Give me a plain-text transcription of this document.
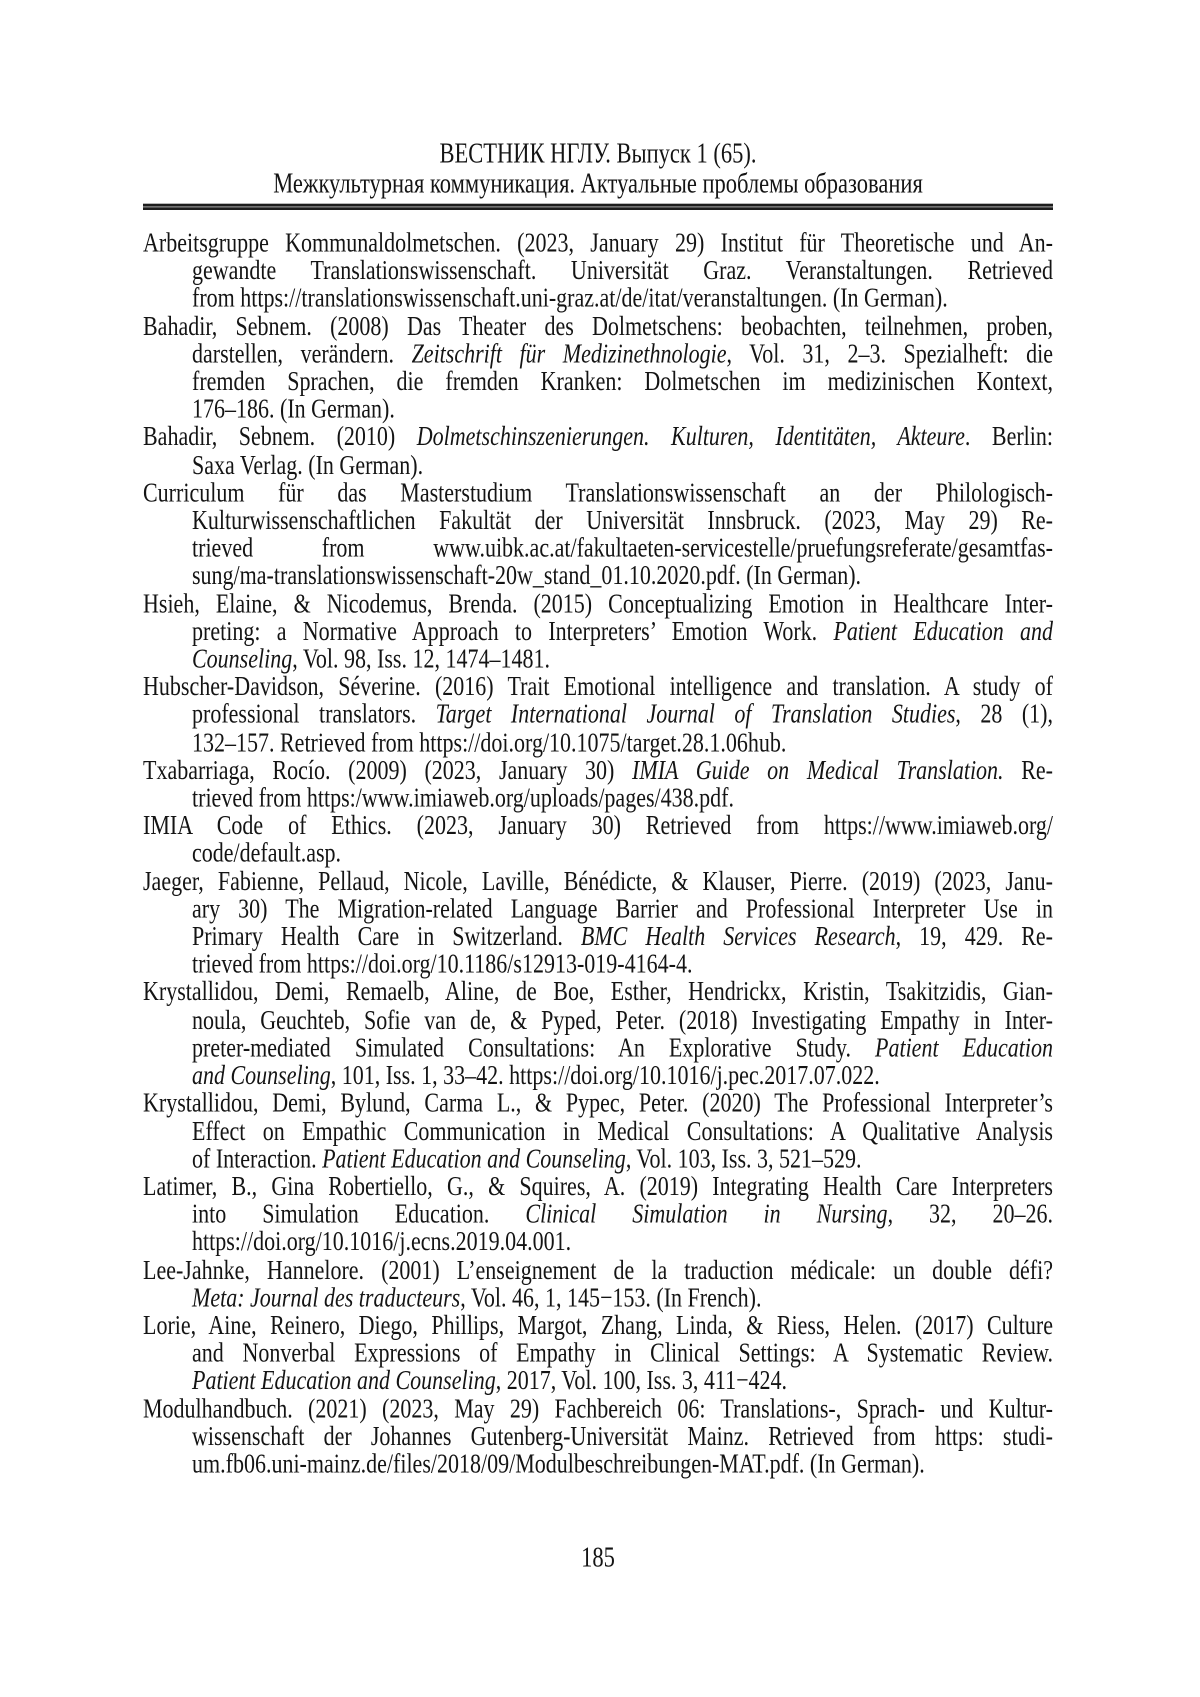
ВЕСТНИК НГЛУ. Выпуск 1 (65).
Межкультурная коммуникация. Актуальные проблемы образования
Arbeitsgruppe Kommunaldolmetschen. (2023, January 29) Institut für Theoretische und An-
gewandte Translationswissenschaft. Universität Graz. Veranstaltungen. Retrieved
from https://translationswissenschaft.uni-graz.at/de/itat/veranstaltungen. (In German).
Bahadir, Sebnem. (2008) Das Theater des Dolmetschens: beobachten, teilnehmen, proben,
darstellen, verändern. Zeitschrift für Medizinethnologie, Vol. 31, 2–3. Spezialheft: die
fremden Sprachen, die fremden Kranken: Dolmetschen im medizinischen Kontext,
176–186. (In German).
Bahadir, Sebnem. (2010) Dolmetschinszenierungen. Kulturen, Identitäten, Akteure. Berlin:
Saxa Verlag. (In German).
Curriculum für das Masterstudium Translationswissenschaft an der Philologisch-
Kulturwissenschaftlichen Fakultät der Universität Innsbruck. (2023, May 29) Re-
trieved from www.uibk.ac.at/fakultaeten-servicestelle/pruefungsreferate/gesamtfas-
sung/ma-translationswissenschaft-20w_stand_01.10.2020.pdf. (In German).
Hsieh, Elaine, & Nicodemus, Brenda. (2015) Conceptualizing Emotion in Healthcare Inter-
preting: a Normative Approach to Interpreters’ Emotion Work. Patient Education and
Counseling, Vol. 98, Iss. 12, 1474–1481.
Hubscher-Davidson, Séverine. (2016) Trait Emotional intelligence and translation. A study of
professional translators. Target International Journal of Translation Studies, 28 (1),
132–157. Retrieved from https://doi.org/10.1075/target.28.1.06hub.
Txabarriaga, Rocío. (2009) (2023, January 30) IMIA Guide on Medical Translation. Re-
trieved from https:/www.imiaweb.org/uploads/pages/438.pdf.
IMIA Code of Ethics. (2023, January 30) Retrieved from https://www.imiaweb.org/
code/default.asp.
Jaeger, Fabienne, Pellaud, Nicole, Laville, Bénédicte, & Klauser, Pierre. (2019) (2023, Janu-
ary 30) The Migration-related Language Barrier and Professional Interpreter Use in
Primary Health Care in Switzerland. BMC Health Services Research, 19, 429. Re-
trieved from https://doi.org/10.1186/s12913-019-4164-4.
Krystallidou, Demi, Remaelb, Aline, de Boe, Esther, Hendrickx, Kristin, Tsakitzidis, Gian-
noula, Geuchteb, Sofie van de, & Pyped, Peter. (2018) Investigating Empathy in Inter-
preter-mediated Simulated Consultations: An Explorative Study. Patient Education
and Counseling, 101, Iss. 1, 33–42. https://doi.org/10.1016/j.pec.2017.07.022.
Krystallidou, Demi, Bylund, Carma L., & Pypec, Peter. (2020) The Professional Interpreter’s
Effect on Empathic Communication in Medical Consultations: A Qualitative Analysis
of Interaction. Patient Education and Counseling, Vol. 103, Iss. 3, 521–529.
Latimer, B., Gina Robertiello, G., & Squires, A. (2019) Integrating Health Care Interpreters
into Simulation Education. Clinical Simulation in Nursing, 32, 20–26.
https://doi.org/10.1016/j.ecns.2019.04.001.
Lee-Jahnke, Hannelore. (2001) L’enseignement de la traduction médicale: un double défi?
Meta: Journal des traducteurs, Vol. 46, 1, 145−153. (In French).
Lorie, Aine, Reinero, Diego, Phillips, Margot, Zhang, Linda, & Riess, Helen. (2017) Culture
and Nonverbal Expressions of Empathy in Clinical Settings: A Systematic Review.
Patient Education and Counseling, 2017, Vol. 100, Iss. 3, 411−424.
Modulhandbuch. (2021) (2023, May 29) Fachbereich 06: Translations-, Sprach- und Kultur-
wissenschaft der Johannes Gutenberg-Universität Mainz. Retrieved from https: studi-
um.fb06.uni-mainz.de/files/2018/09/Modulbeschreibungen-MAT.pdf. (In German).
185
